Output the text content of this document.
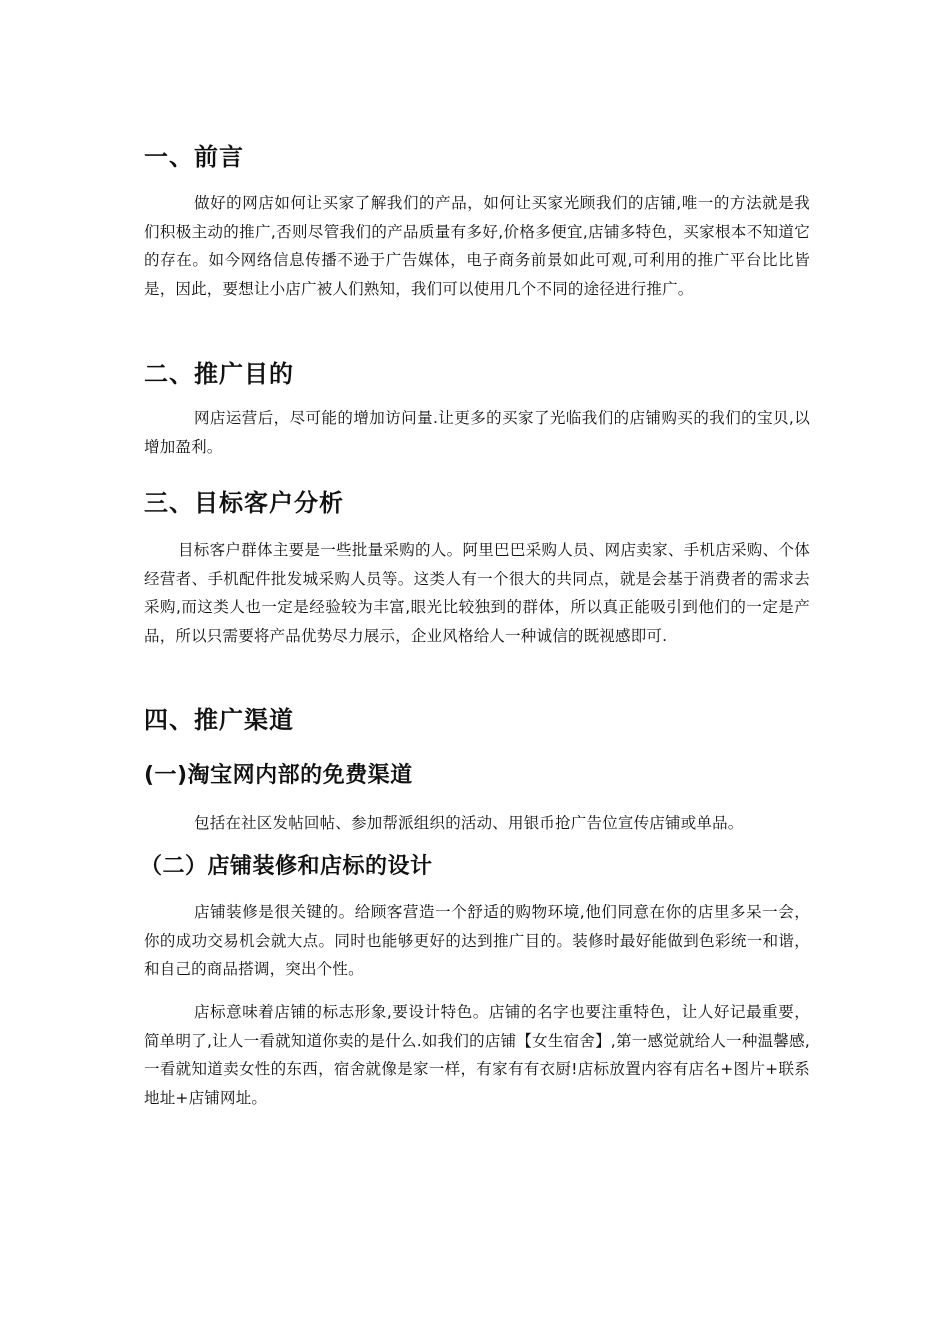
一、前言

做好的网店如何让买家了解我们的产品，如何让买家光顾我们的店铺,唯一的方法就是我们积极主动的推广,否则尽管我们的产品质量有多好,价格多便宜,店铺多特色，买家根本不知道它的存在。如今网络信息传播不逊于广告媒体，电子商务前景如此可观,可利用的推广平台比比皆是，因此，要想让小店广被人们熟知，我们可以使用几个不同的途径进行推广。

二、推广目的

网店运营后，尽可能的增加访问量.让更多的买家了光临我们的店铺购买的我们的宝贝,以增加盈利。

三、目标客户分析

目标客户群体主要是一些批量采购的人。阿里巴巴采购人员、网店卖家、手机店采购、个体经营者、手机配件批发城采购人员等。这类人有一个很大的共同点，就是会基于消费者的需求去采购,而这类人也一定是经验较为丰富,眼光比较独到的群体，所以真正能吸引到他们的一定是产品，所以只需要将产品优势尽力展示，企业风格给人一种诚信的既视感即可.

四、推广渠道
(一)淘宝网内部的免费渠道

包括在社区发帖回帖、参加帮派组织的活动、用银币抢广告位宣传店铺或单品。

（二）店铺装修和店标的设计

店铺装修是很关键的。给顾客营造一个舒适的购物环境,他们同意在你的店里多呆一会，你的成功交易机会就大点。同时也能够更好的达到推广目的。装修时最好能做到色彩统一和谐，和自己的商品搭调，突出个性。

店标意味着店铺的标志形象,要设计特色。店铺的名字也要注重特色，让人好记最重要，简单明了,让人一看就知道你卖的是什么.如我们的店铺【女生宿舍】,第一感觉就给人一种温馨感,一看就知道卖女性的东西，宿舍就像是家一样，有家有有衣厨!店标放置内容有店名+图片+联系地址+店铺网址。
